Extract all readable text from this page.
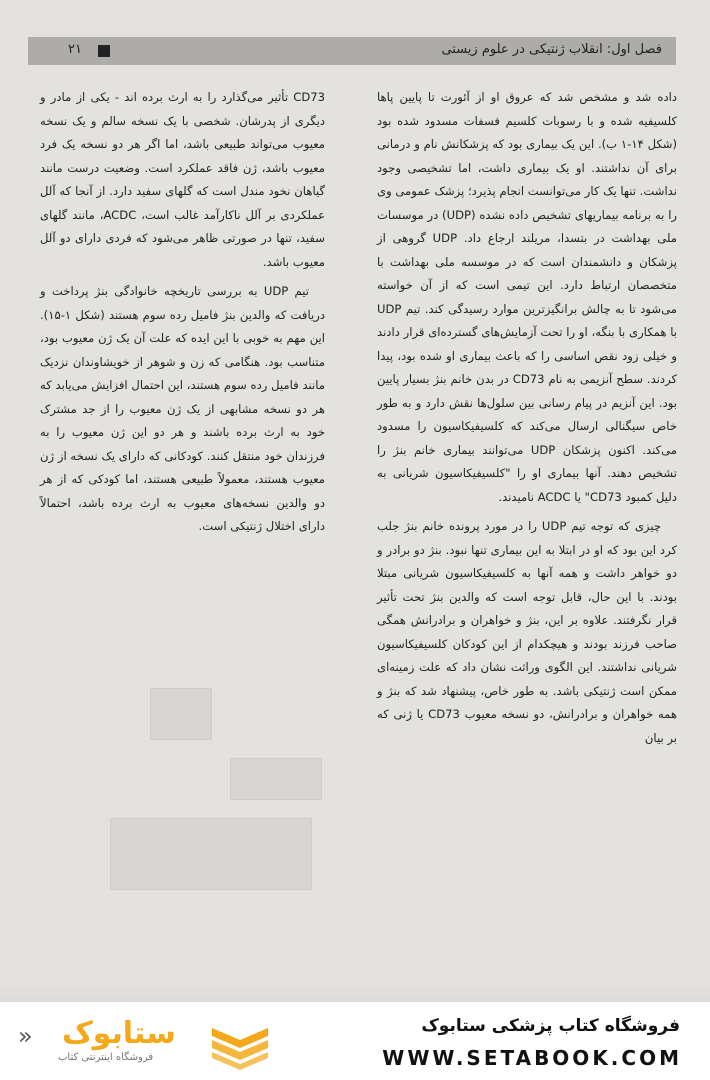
فصل اول: انقلاب ژنتیکی در علوم زیستی
۲۱

داده شد و مشخص شد که عروق او از آئورت تا پایین پاها کلسیفیه شده و با رسوبات کلسیم فسفات مسدود شده بود (شکل ۱۴-۱ ب). این یک بیماری بود که پزشکانش نام و درمانی برای آن نداشتند. او یک بیماری داشت، اما تشخیصی وجود نداشت. تنها یک کار می‌توانست انجام پذیرد؛ پزشک عمومی وی را به برنامه بیماریهای تشخیص داده نشده (UDP) در موسسات ملی بهداشت در بتسدا، مریلند ارجاع داد. UDP گروهی از پزشکان و دانشمندان است که در موسسه ملی بهداشت با متخصصان ارتباط دارد. این تیمی است که از آن خواسته می‌شود تا به چالش برانگیزترین موارد رسیدگی کند. تیم UDP با همکاری با بنگه، او را تحت آزمایش‌های گسترده‌ای قرار دادند و خیلی زود نقص اساسی را که باعث بیماری او شده بود، پیدا کردند. سطح آنزیمی به نام CD73 در بدن خانم بنژ بسیار پایین بود. این آنزیم در پیام رسانی بین سلول‌ها نقش دارد و به طور خاص سیگنالی ارسال می‌کند که کلسیفیکاسیون را مسدود می‌کند. اکنون پزشکان UDP می‌توانند بیماری خانم بنژ را تشخیص دهند. آنها بیماری او را "کلسیفیکاسیون شریانی به دلیل کمبود CD73" یا ACDC نامیدند.

چیزی که توجه تیم UDP را در مورد پرونده خانم بنژ جلب کرد این بود که او در ابتلا به این بیماری تنها نبود. بنژ دو برادر و دو خواهر داشت و همه آنها به کلسیفیکاسیون شریانی مبتلا بودند. با این حال، قابل توجه است که والدین بنژ تحت تأثیر قرار نگرفتند. علاوه بر این، بنژ و خواهران و برادرانش همگی صاحب فرزند بودند و هیچکدام از این کودکان کلسیفیکاسیون شریانی نداشتند. این الگوی وراثت نشان داد که علت زمینه‌ای ممکن است ژنتیکی باشد. به طور خاص، پیشنهاد شد که بنژ و همه خواهران و برادرانش، دو نسخه معیوب CD73 یا ژنی که بر بیان

CD73 تأثیر می‌گذارد را به ارث برده اند - یکی از مادر و دیگری از پدرشان. شخصی با یک نسخه سالم و یک نسخه معیوب می‌تواند طبیعی باشد، اما اگر هر دو نسخه یک فرد معیوب باشد، ژن فاقد عملکرد است. وضعیت درست مانند گیاهان نخود مندل است که گلهای سفید دارد. از آنجا که آلل عملکردی بر آلل ناکارآمد غالب است، ACDC، مانند گلهای سفید، تنها در صورتی ظاهر می‌شود که فردی دارای دو آلل معیوب باشد.

تیم UDP به بررسی تاریخچه خانوادگی بنژ پرداخت و دریافت که والدین بنژ فامیل رده سوم هستند (شکل ۱-۱۵). این مهم به خوبی با این ایده که علت آن یک ژن معیوب بود، متناسب بود. هنگامی که زن و شوهر از خویشاوندان نزدیک مانند فامیل رده سوم هستند، این احتمال افزایش می‌یابد که هر دو نسخه مشابهی از یک ژن معیوب را از جد مشترک خود به ارث برده باشند و هر دو این ژن معیوب را به فرزندان خود منتقل کنند. کودکانی که دارای یک نسخه از ژن معیوب هستند، معمولاً طبیعی هستند، اما کودکی که از هر دو والدین نسخه‌های معیوب به ارث برده باشد، احتمالاً دارای اختلال ژنتیکی است.

« ستابوک
فروشگاه اینترنتی کتاب
فروشگاه کتاب پزشکی ستابوک
WWW.SETABOOK.COM
